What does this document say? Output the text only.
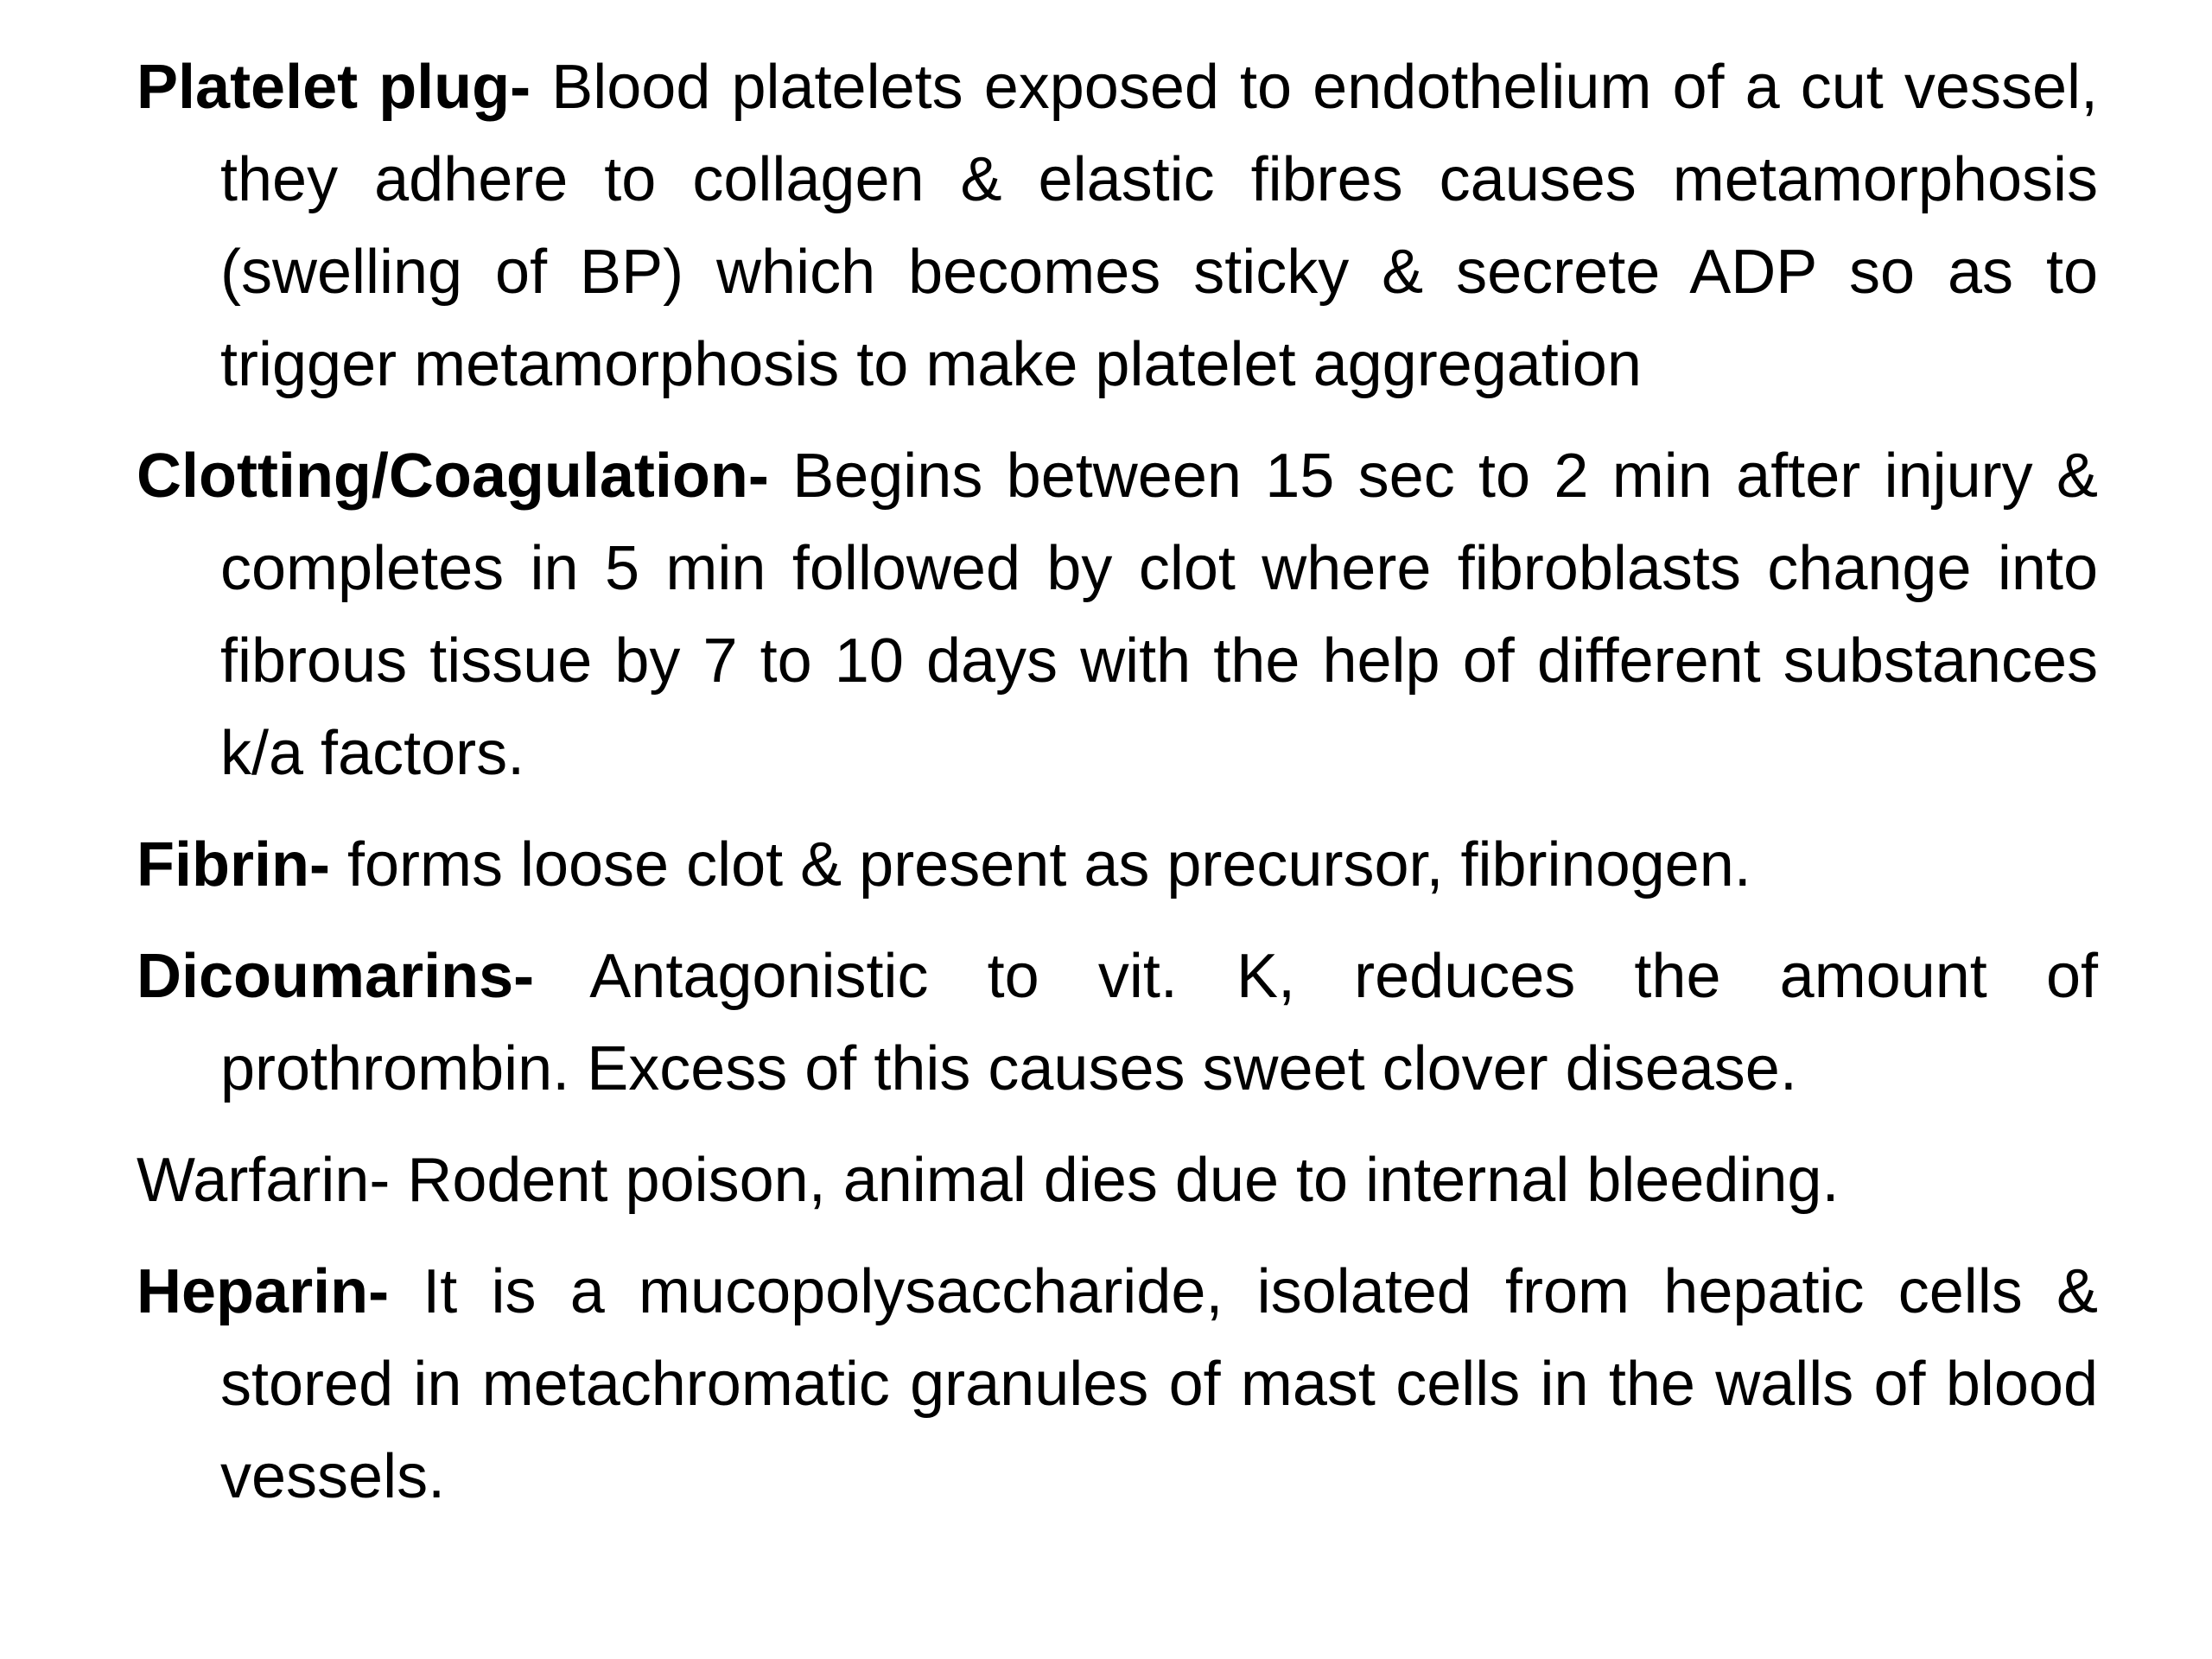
Platelet plug- Blood platelets exposed to endothelium of a cut vessel, they adhere to collagen & elastic fibres causes metamorphosis (swelling of BP) which becomes sticky & secrete ADP so as to trigger metamorphosis to make platelet aggregation

Clotting/Coagulation- Begins between 15 sec to 2 min after injury & completes in 5 min followed by clot where fibroblasts change into fibrous tissue by 7 to 10 days with the help of different substances k/a factors.

Fibrin- forms loose clot & present as precursor, fibrinogen.

Dicoumarins- Antagonistic to vit. K, reduces the amount of prothrombin. Excess of this causes sweet clover disease.

Warfarin- Rodent poison, animal dies due to internal bleeding.

Heparin- It is a mucopolysaccharide, isolated from hepatic cells & stored in metachromatic granules of mast cells in the walls of blood vessels.
